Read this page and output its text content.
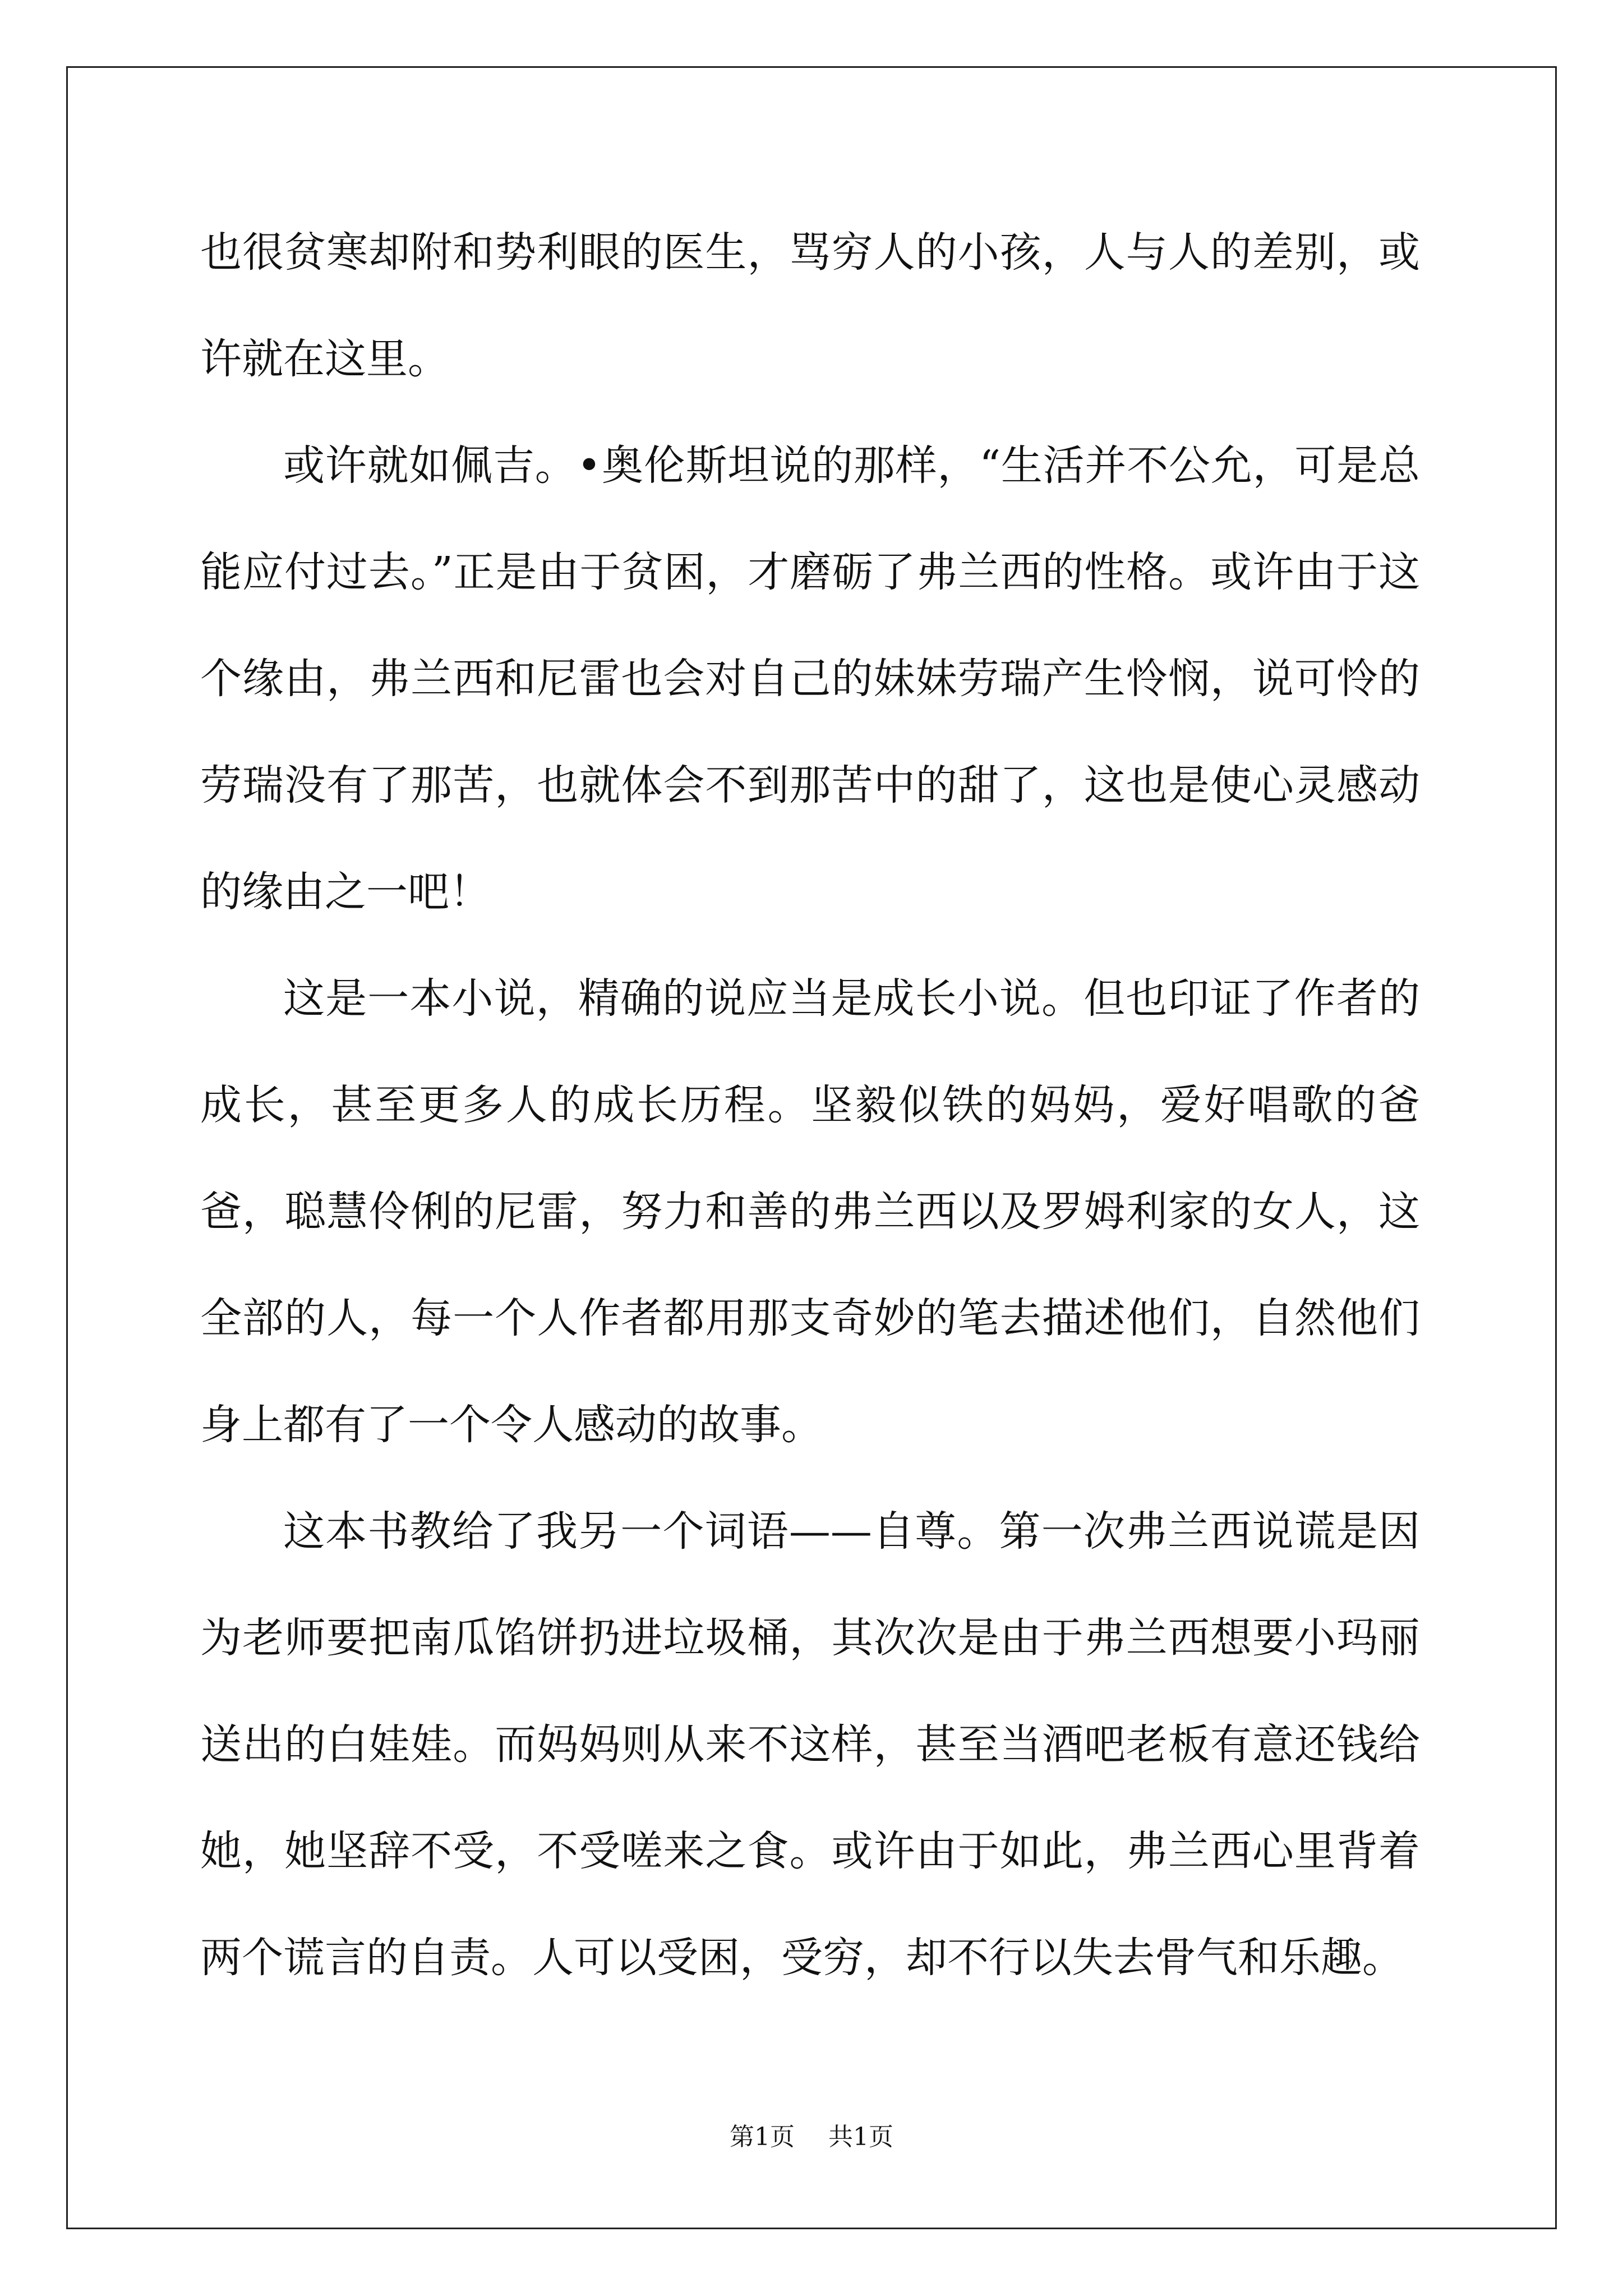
也很贫寒却附和势利眼的医生，骂穷人的小孩，人与人的差别，或许就在这里。

或许就如佩吉。•奥伦斯坦说的那样，“生活并不公允，可是总能应付过去。”正是由于贫困，才磨砺了弗兰西的性格。或许由于这个缘由，弗兰西和尼雷也会对自己的妹妹劳瑞产生怜悯，说可怜的劳瑞没有了那苦，也就体会不到那苦中的甜了，这也是使心灵感动的缘由之一吧！

这是一本小说，精确的说应当是成长小说。但也印证了作者的成长，甚至更多人的成长历程。坚毅似铁的妈妈，爱好唱歌的爸爸，聪慧伶俐的尼雷，努力和善的弗兰西以及罗姆利家的女人，这全部的人，每一个人作者都用那支奇妙的笔去描述他们，自然他们身上都有了一个令人感动的故事。

这本书教给了我另一个词语——自尊。第一次弗兰西说谎是因为老师要把南瓜馅饼扔进垃圾桶，其次次是由于弗兰西想要小玛丽送出的白娃娃。而妈妈则从来不这样，甚至当酒吧老板有意还钱给她，她坚辞不受，不受嗟来之食。或许由于如此，弗兰西心里背着两个谎言的自责。人可以受困，受穷，却不行以失去骨气和乐趣。

第1页 共1页
